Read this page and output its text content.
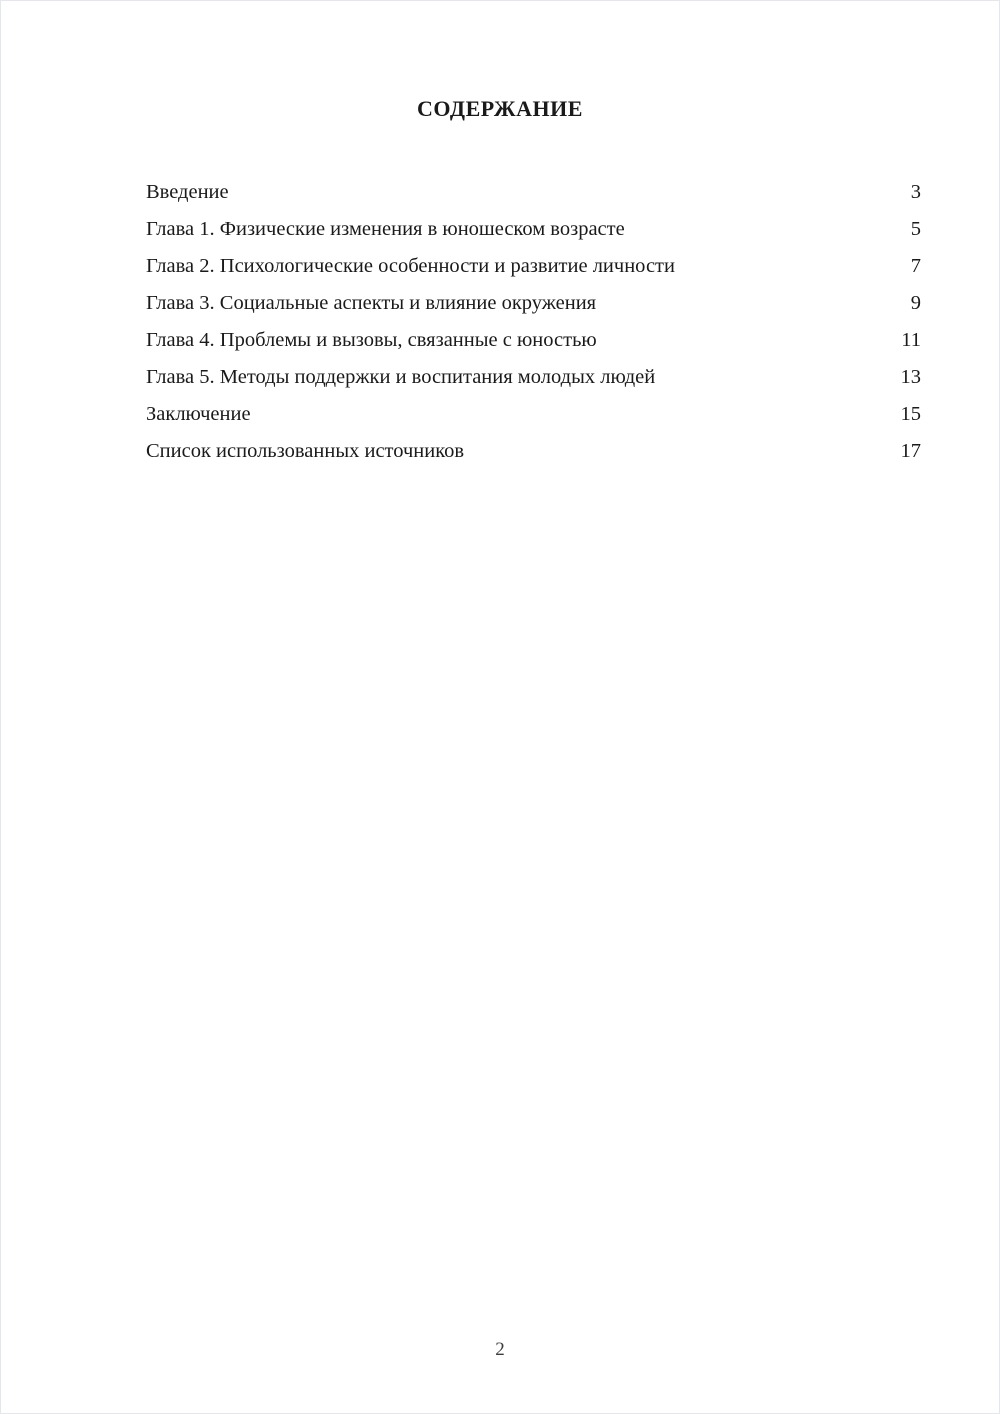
СОДЕРЖАНИЕ
Введение	3
Глава 1. Физические изменения в юношеском возрасте	5
Глава 2. Психологические особенности и развитие личности	7
Глава 3. Социальные аспекты и влияние окружения	9
Глава 4. Проблемы и вызовы, связанные с юностью	11
Глава 5. Методы поддержки и воспитания молодых людей	13
Заключение	15
Список использованных источников	17
2
